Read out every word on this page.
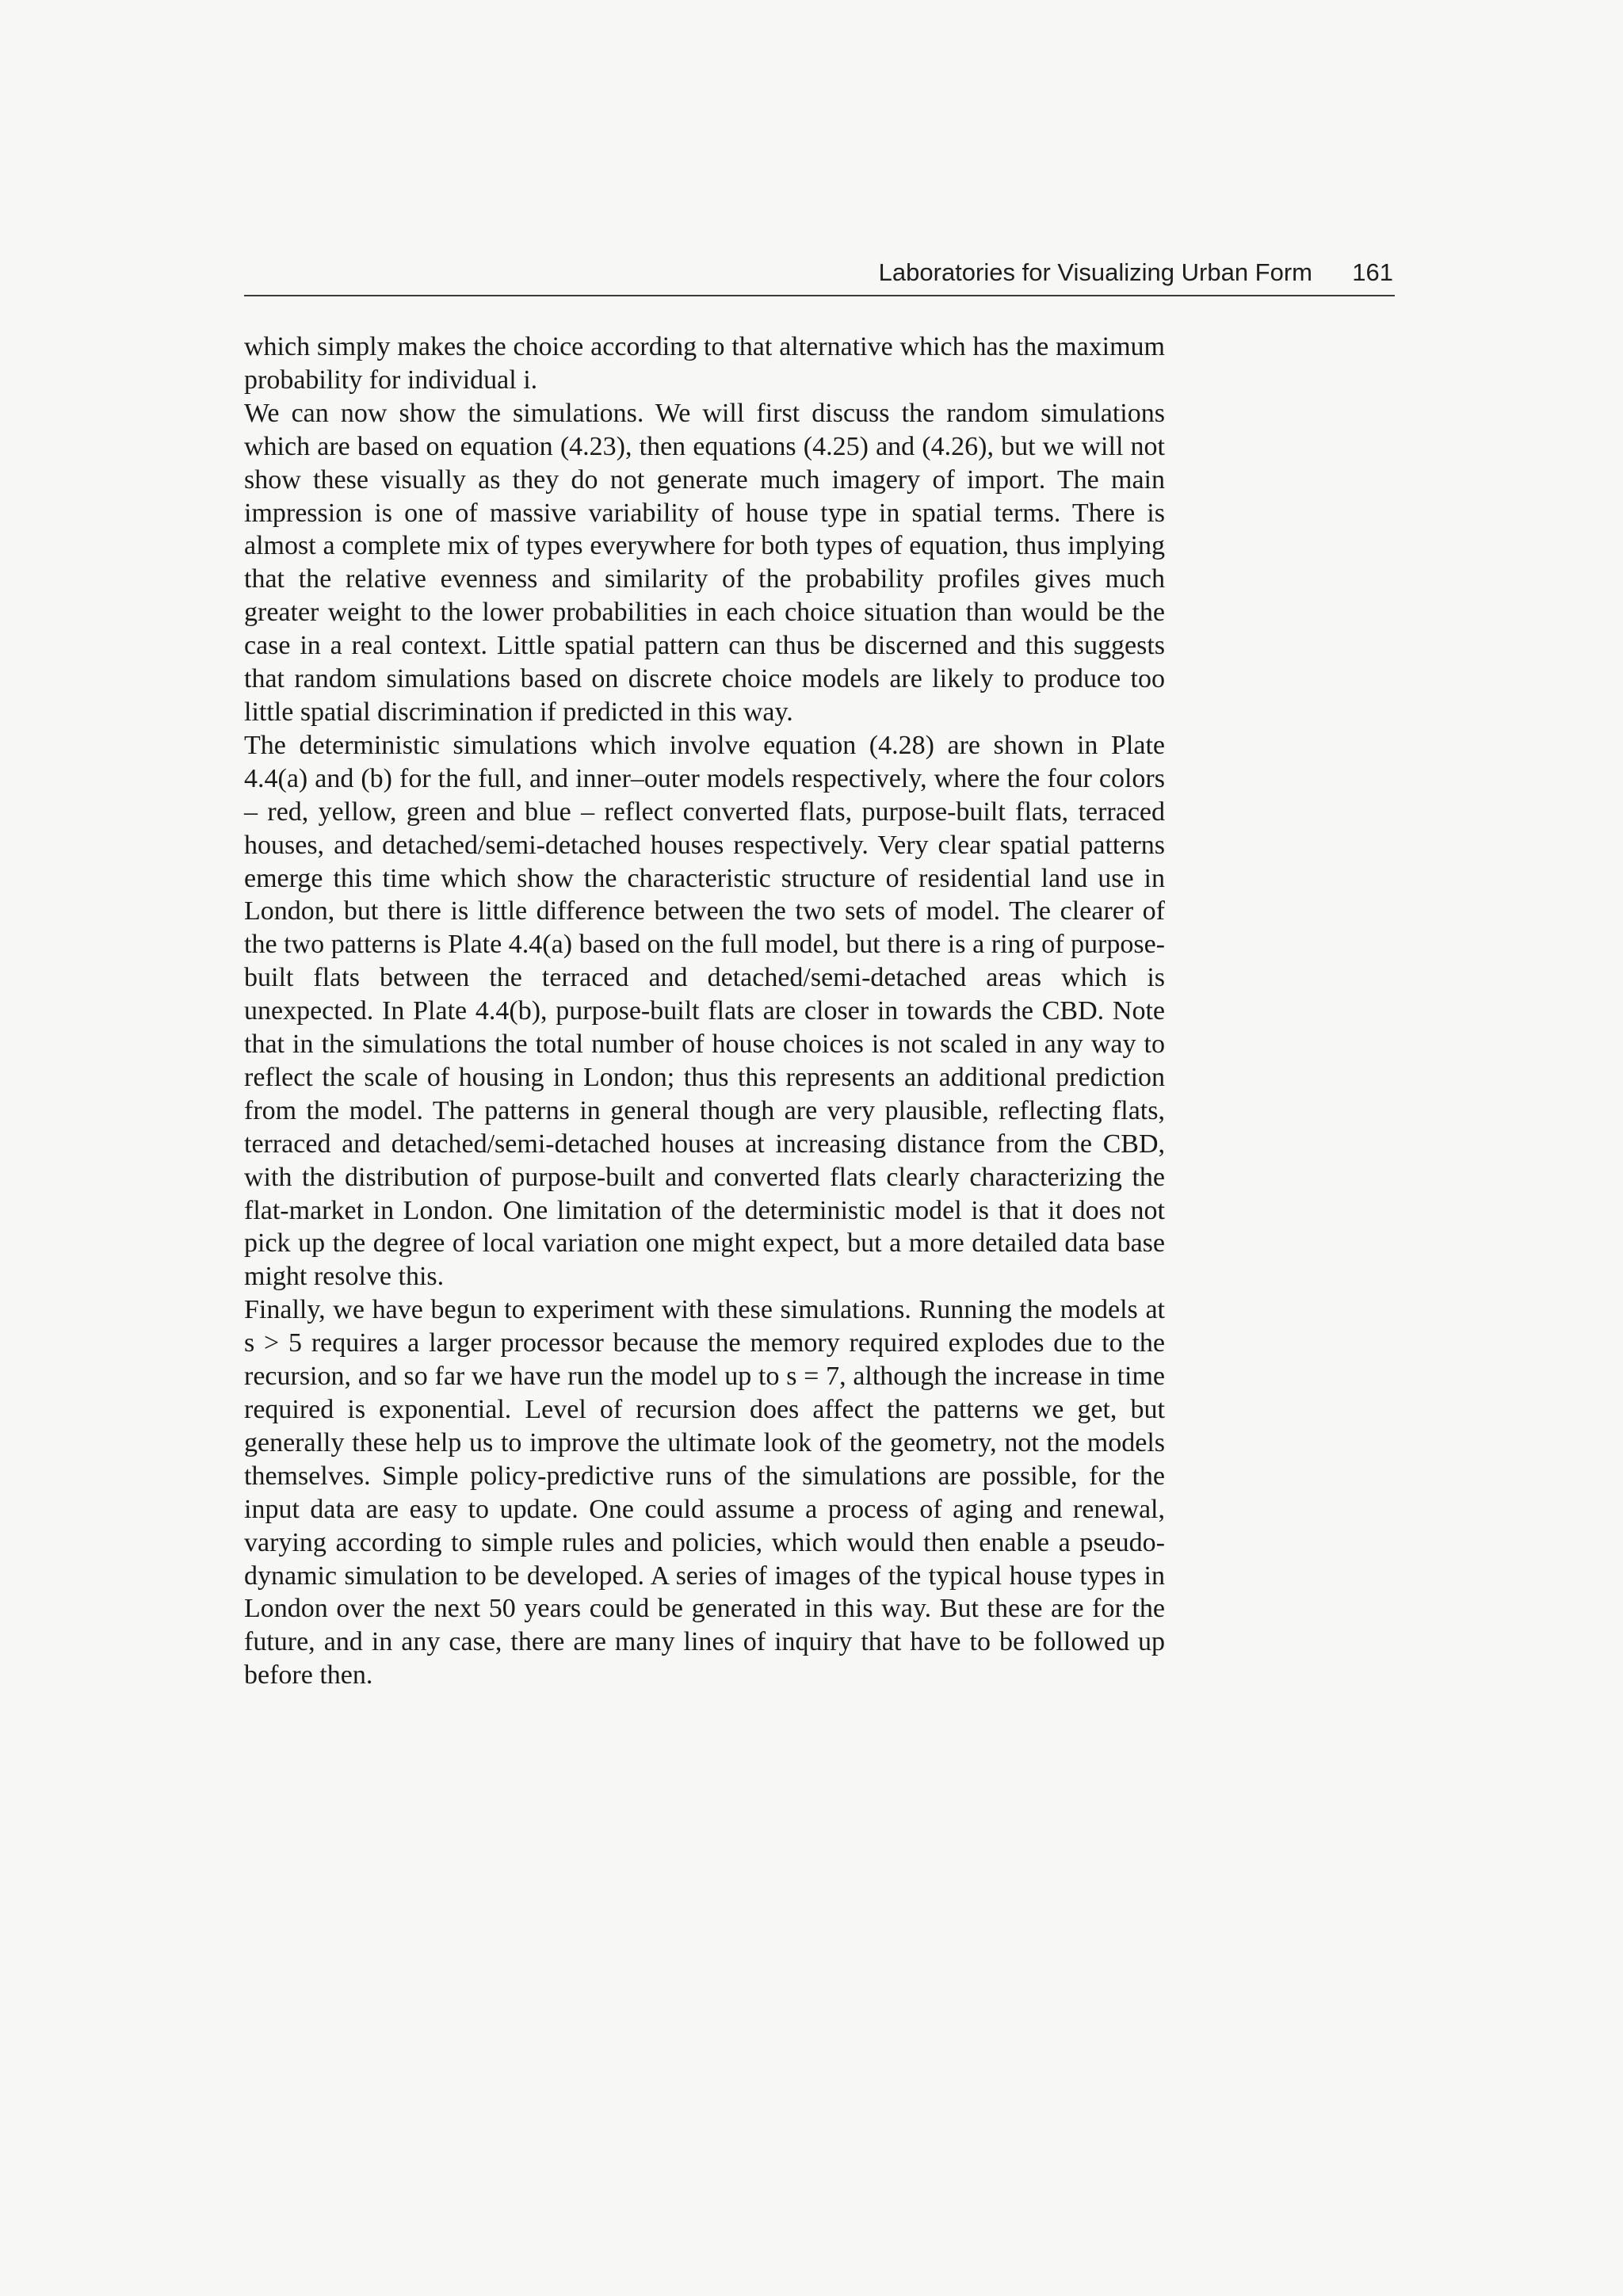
Laboratories for Visualizing Urban Form 161

which simply makes the choice according to that alternative which has the maximum probability for individual i.

We can now show the simulations. We will first discuss the random simulations which are based on equation (4.23), then equations (4.25) and (4.26), but we will not show these visually as they do not generate much imagery of import. The main impression is one of massive variability of house type in spatial terms. There is almost a complete mix of types everywhere for both types of equation, thus implying that the relative evenness and similarity of the probability profiles gives much greater weight to the lower probabilities in each choice situation than would be the case in a real context. Little spatial pattern can thus be discerned and this suggests that random simulations based on discrete choice models are likely to produce too little spatial discrimination if predicted in this way.

The deterministic simulations which involve equation (4.28) are shown in Plate 4.4(a) and (b) for the full, and inner–outer models respectively, where the four colors – red, yellow, green and blue – reflect converted flats, purpose-built flats, terraced houses, and detached/semi-detached houses respectively. Very clear spatial patterns emerge this time which show the characteristic structure of residential land use in London, but there is little difference between the two sets of model. The clearer of the two patterns is Plate 4.4(a) based on the full model, but there is a ring of purpose-built flats between the terraced and detached/semi-detached areas which is unexpected. In Plate 4.4(b), purpose-built flats are closer in towards the CBD. Note that in the simulations the total number of house choices is not scaled in any way to reflect the scale of housing in London; thus this represents an additional prediction from the model. The patterns in general though are very plausible, reflecting flats, terraced and detached/semi-detached houses at increasing distance from the CBD, with the distribution of purpose-built and converted flats clearly characterizing the flat-market in London. One limitation of the deterministic model is that it does not pick up the degree of local variation one might expect, but a more detailed data base might resolve this.

Finally, we have begun to experiment with these simulations. Running the models at s > 5 requires a larger processor because the memory required explodes due to the recursion, and so far we have run the model up to s = 7, although the increase in time required is exponential. Level of recursion does affect the patterns we get, but generally these help us to improve the ultimate look of the geometry, not the models themselves. Simple policy-predictive runs of the simulations are possible, for the input data are easy to update. One could assume a process of aging and renewal, varying according to simple rules and policies, which would then enable a pseudo-dynamic simulation to be developed. A series of images of the typical house types in London over the next 50 years could be generated in this way. But these are for the future, and in any case, there are many lines of inquiry that have to be followed up before then.
